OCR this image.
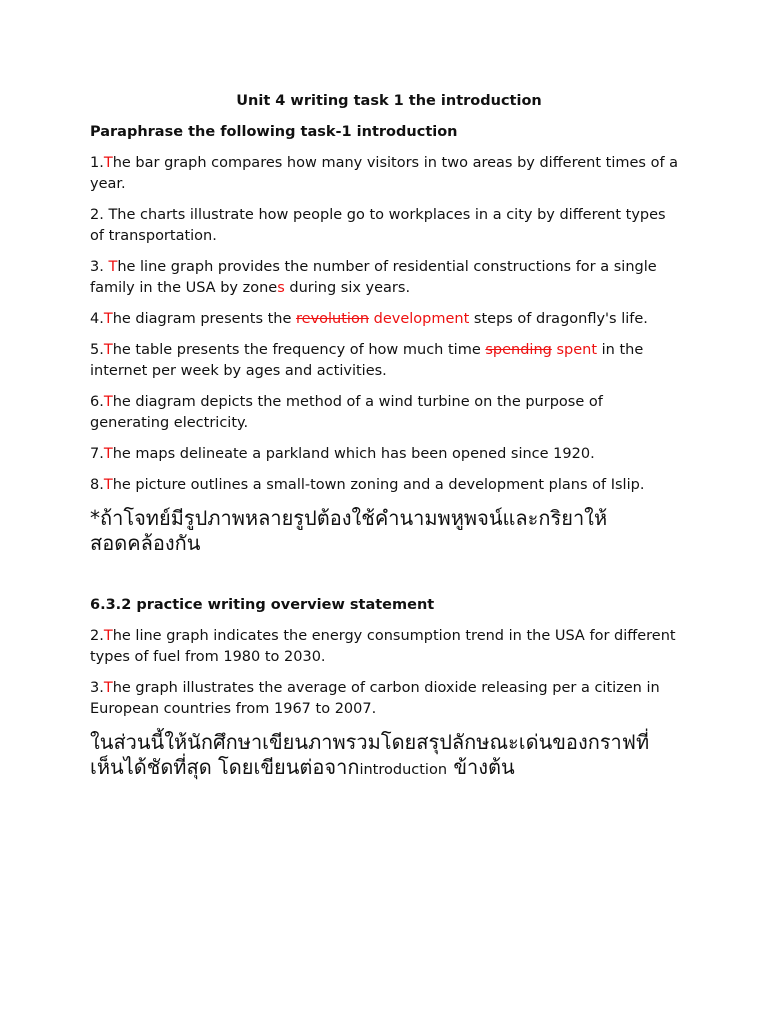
Unit 4 writing task 1 the introduction
Paraphrase the following task-1 introduction

1.The bar graph compares how many visitors in two areas by different times of a year.

2. The charts illustrate how people go to workplaces in a city by different types of transportation.

3. The line graph provides the number of residential constructions for a single family in the USA by zones during six years.

4.The diagram presents the revolution development steps of dragonfly's life.

5.The table presents the frequency of how much time spending spent in the internet per week by ages and activities.

6.The diagram depicts the method of a wind turbine on the purpose of generating electricity.

7.The maps delineate a parkland which has been opened since 1920.

8.The picture outlines a small-town zoning and a development plans of Islip.

*ถ้าโจทย์มีรูปภาพหลายรูปต้องใช้คำนามพหูพจน์และกริยาให้สอดคล้องกัน

6.3.2 practice writing overview statement

2.The line graph indicates the energy consumption trend in the USA for different types of fuel from 1980 to 2030.

3.The graph illustrates the average of carbon dioxide releasing per a citizen in European countries from 1967 to 2007.

ในส่วนนี้ให้นักศึกษาเขียนภาพรวมโดยสรุปลักษณะเด่นของกราฟที่เห็นได้ชัดที่สุด โดยเขียนต่อจากintroduction ข้างต้น
